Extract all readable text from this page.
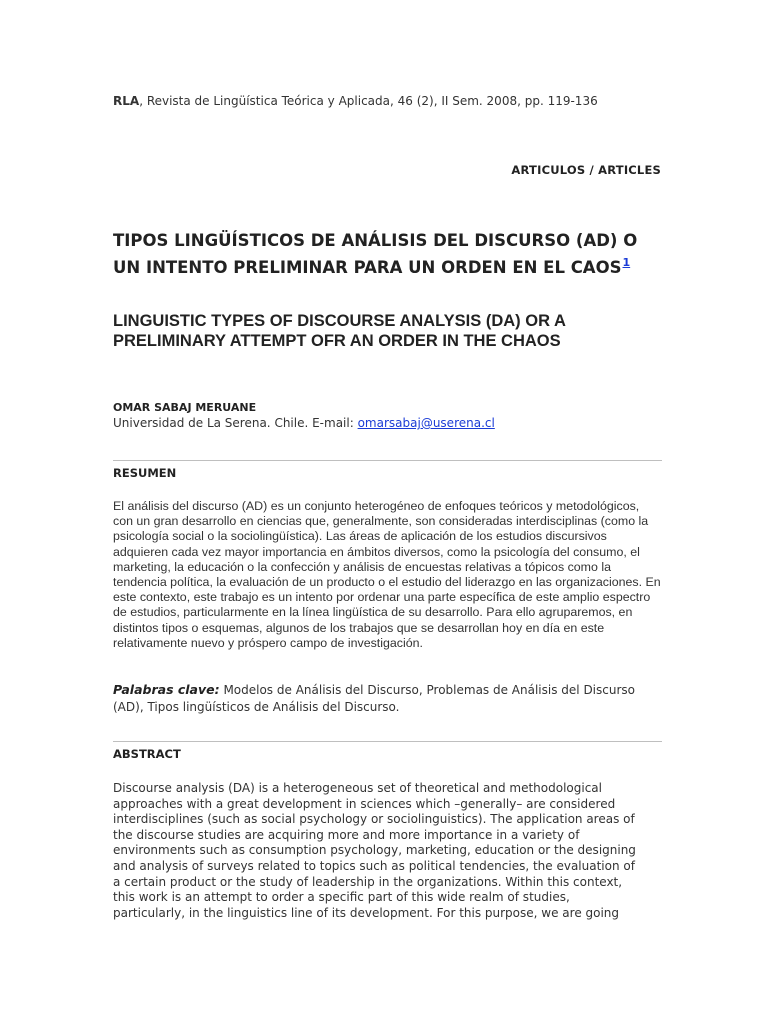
RLA, Revista de Lingüística Teórica y Aplicada, 46 (2), II Sem. 2008, pp. 119-136
ARTICULOS / ARTICLES
TIPOS LINGÜÍSTICOS DE ANÁLISIS DEL DISCURSO (AD) O UN INTENTO PRELIMINAR PARA UN ORDEN EN EL CAOS$^1$
LINGUISTIC TYPES OF DISCOURSE ANALYSIS (DA) OR A PRELIMINARY ATTEMPT OFR AN ORDER IN THE CHAOS
OMAR SABAJ MERUANE
Universidad de La Serena. Chile. E-mail: omarsabaj@userena.cl
RESUMEN

El análisis del discurso (AD) es un conjunto heterogéneo de enfoques teóricos y metodológicos, con un gran desarrollo en ciencias que, generalmente, son consideradas interdisciplinas (como la psicología social o la sociolingüística). Las áreas de aplicación de los estudios discursivos adquieren cada vez mayor importancia en ámbitos diversos, como la psicología del consumo, el marketing, la educación o la confección y análisis de encuestas relativas a tópicos como la tendencia política, la evaluación de un producto o el estudio del liderazgo en las organizaciones. En este contexto, este trabajo es un intento por ordenar una parte específica de este amplio espectro de estudios, particularmente en la línea lingüística de su desarrollo. Para ello agruparemos, en distintos tipos o esquemas, algunos de los trabajos que se desarrollan hoy en día en este relativamente nuevo y próspero campo de investigación.

Palabras clave: Modelos de Análisis del Discurso, Problemas de Análisis del Discurso (AD), Tipos lingüísticos de Análisis del Discurso.

ABSTRACT

Discourse analysis (DA) is a heterogeneous set of theoretical and methodological
approaches with a great development in sciences which –generally– are considered
interdisciplines (such as social psychology or sociolinguistics). The application areas of
the discourse studies are acquiring more and more importance in a variety of
environments such as consumption psychology, marketing, education or the designing
and analysis of surveys related to topics such as political tendencies, the evaluation of
a certain product or the study of leadership in the organizations. Within this context,
this work is an attempt to order a specific part of this wide realm of studies,
particularly, in the linguistics line of its development. For this purpose, we are going
